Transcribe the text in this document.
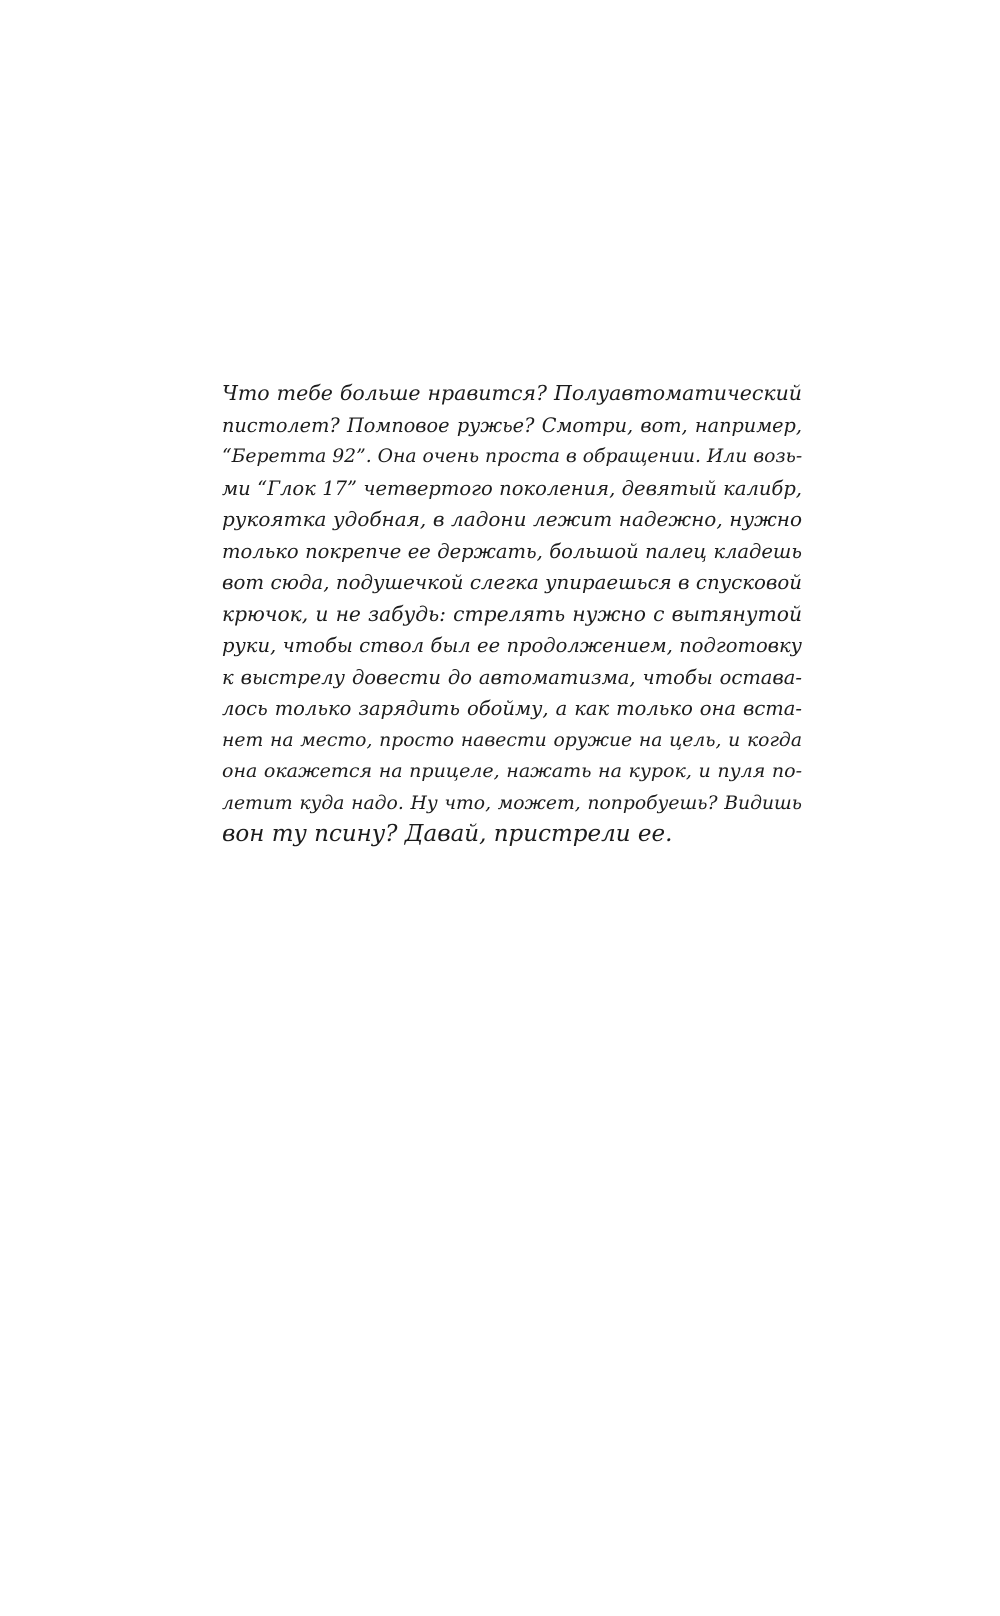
Что тебе больше нравится? Полуавтоматический
пистолет? Помповое ружье? Смотри, вот, например,
“Беретта 92”. Она очень проста в обращении. Или возь-
ми “Глок 17” четвертого поколения, девятый калибр,
рукоятка удобная, в ладони лежит надежно, нужно
только покрепче ее держать, большой палец кладешь
вот сюда, подушечкой слегка упираешься в спусковой
крючок, и не забудь: стрелять нужно с вытянутой
руки, чтобы ствол был ее продолжением, подготовку
к выстрелу довести до автоматизма, чтобы остава-
лось только зарядить обойму, а как только она вста-
нет на место, просто навести оружие на цель, и когда
она окажется на прицеле, нажать на курок, и пуля по-
летит куда надо. Ну что, может, попробуешь? Видишь
вон ту псину? Давай, пристрели ее.
